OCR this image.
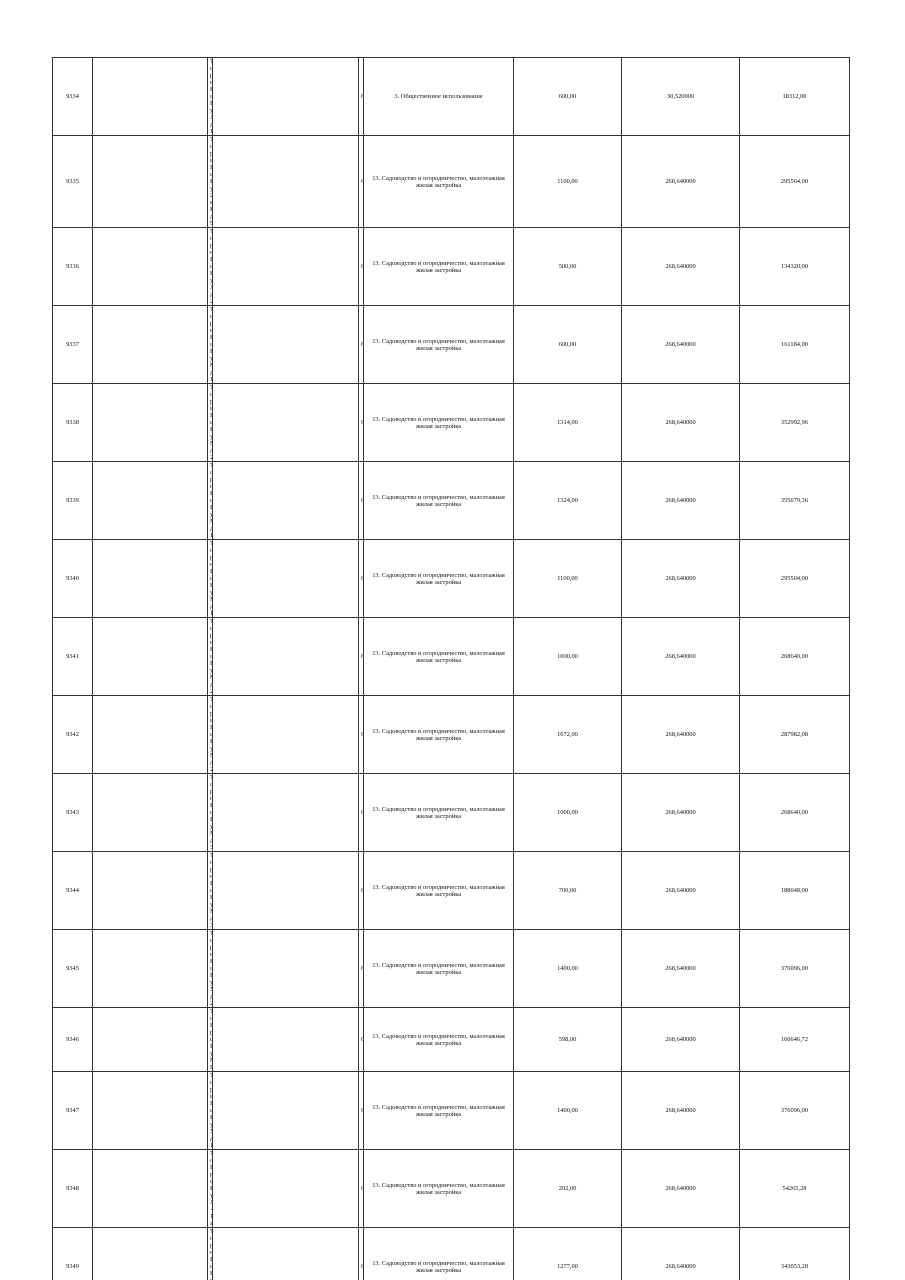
9334					3. Общественное использование	600,00	30,520000	18312,00
9335					13. Садоводство и огородничество, малоэтажная жилая застройка	1100,00	268,640000	295504,00
9336					13. Садоводство и огородничество, малоэтажная жилая застройка	500,00	268,640000	134320,00
9337					13. Садоводство и огородничество, малоэтажная жилая застройка	600,00	268,640000	161184,00
9338					13. Садоводство и огородничество, малоэтажная жилая застройка	1314,00	268,640000	352992,96
9339					13. Садоводство и огородничество, малоэтажная жилая застройка	1324,00	268,640000	355679,36
9340					13. Садоводство и огородничество, малоэтажная жилая застройка	1100,00	268,640000	295504,00
9341					13. Садоводство и огородничество, малоэтажная жилая застройка	1000,00	268,640000	268640,00
9342					13. Садоводство и огородничество, малоэтажная жилая застройка	1072,00	268,640000	287982,08
9343					13. Садоводство и огородничество, малоэтажная жилая застройка	1000,00	268,640000	268640,00
9344					13. Садоводство и огородничество, малоэтажная жилая застройка	700,00	268,640000	188048,00
9345					13. Садоводство и огородничество, малоэтажная жилая застройка	1400,00	268,640000	376096,00
9346					13. Садоводство и огородничество, малоэтажная жилая застройка	598,00	268,640000	160646,72
9347					13. Садоводство и огородничество, малоэтажная жилая застройка	1400,00	268,640000	376096,00
9348		-			13. Садоводство и огородничество, малоэтажная жилая застройка	202,00	268,640000	54265,28
9349					13. Садоводство и огородничество, малоэтажная жилая застройка	1277,00	268,640000	343053,28
